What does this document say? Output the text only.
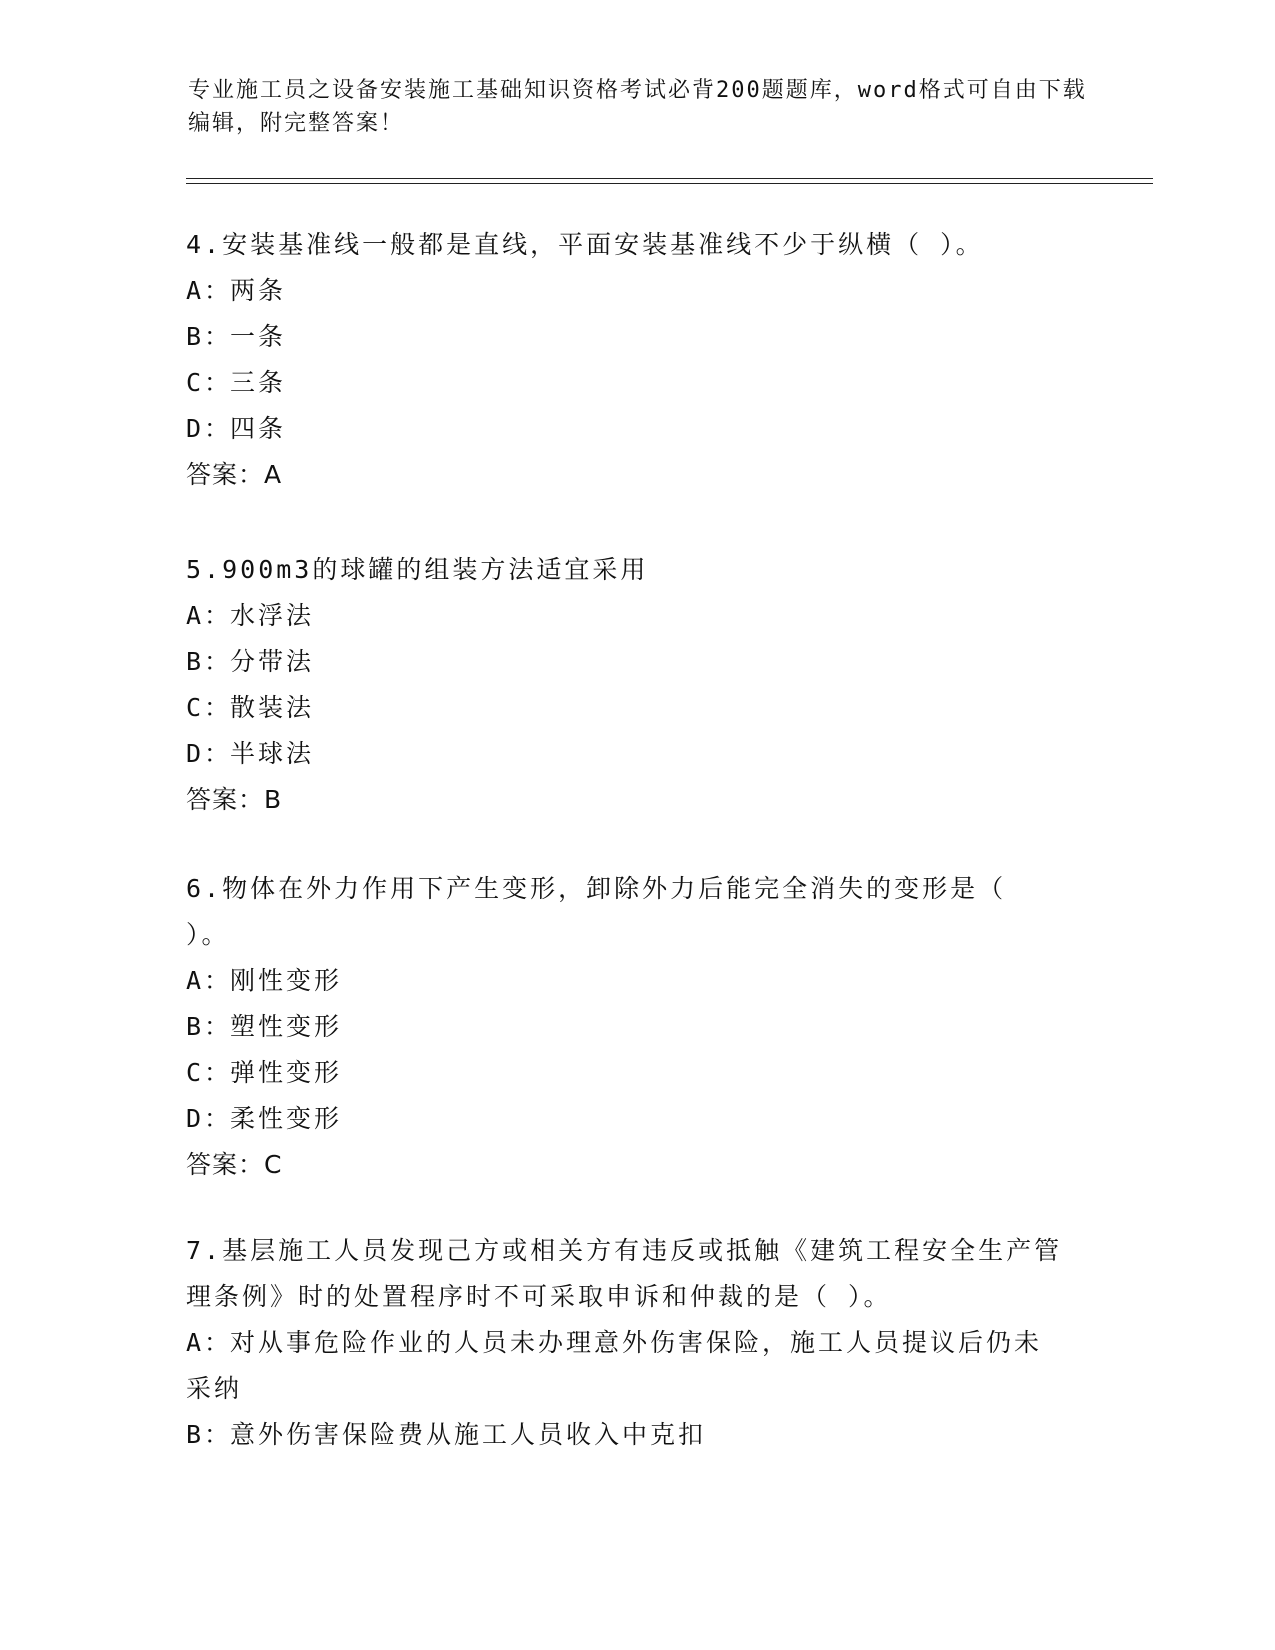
专业施工员之设备安装施工基础知识资格考试必背200题题库，word格式可自由下载编辑，附完整答案！
4.安装基准线一般都是直线，平面安装基准线不少于纵横（ ）。
A：两条
B：一条
C：三条
D：四条
答案：A
5.900m3的球罐的组装方法适宜采用
A：水浮法
B：分带法
C：散装法
D：半球法
答案：B
6.物体在外力作用下产生变形，卸除外力后能完全消失的变形是（ ）。
A：刚性变形
B：塑性变形
C：弹性变形
D：柔性变形
答案：C
7.基层施工人员发现己方或相关方有违反或抵触《建筑工程安全生产管理条例》时的处置程序时不可采取申诉和仲裁的是（ ）。
A：对从事危险作业的人员未办理意外伤害保险，施工人员提议后仍未采纳
B：意外伤害保险费从施工人员收入中克扣
